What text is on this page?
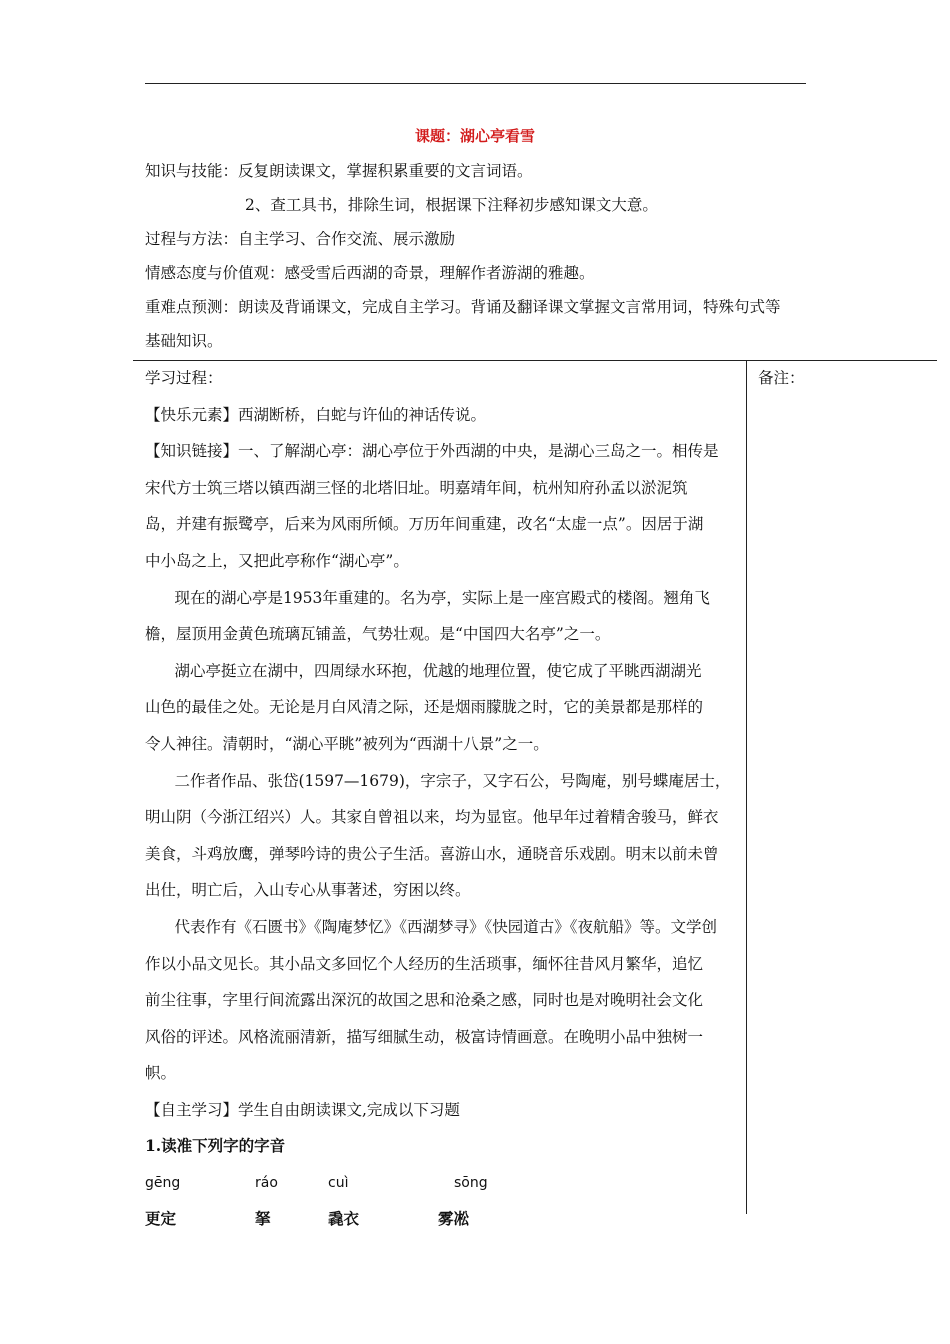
课题：湖心亭看雪

知识与技能：反复朗读课文，掌握积累重要的文言词语。

2、查工具书，排除生词，根据课下注释初步感知课文大意。

过程与方法：自主学习、合作交流、展示激励

情感态度与价值观：感受雪后西湖的奇景，理解作者游湖的雅趣。

重难点预测：朗读及背诵课文，完成自主学习。背诵及翻译课文掌握文言常用词，特殊句式等

基础知识。

备注：

学习过程：

【快乐元素】西湖断桥，白蛇与许仙的神话传说。

【知识链接】一、了解湖心亭：湖心亭位于外西湖的中央，是湖心三岛之一。相传是

宋代方士筑三塔以镇西湖三怪的北塔旧址。明嘉靖年间，杭州知府孙孟以淤泥筑

岛，并建有振鹭亭，后来为风雨所倾。万历年间重建，改名“太虚一点”。因居于湖

中小岛之上，又把此亭称作“湖心亭”。

现在的湖心亭是1953年重建的。名为亭，实际上是一座宫殿式的楼阁。翘角飞

檐，屋顶用金黄色琉璃瓦铺盖，气势壮观。是“中国四大名亭”之一。

湖心亭挺立在湖中，四周绿水环抱，优越的地理位置，使它成了平眺西湖湖光

山色的最佳之处。无论是月白风清之际，还是烟雨朦胧之时，它的美景都是那样的

令人神往。清朝时，“湖心平眺”被列为“西湖十八景”之一。

二作者作品、张岱(1597—1679)，字宗子，又字石公，号陶庵，别号蝶庵居士，

明山阴（今浙江绍兴）人。其家自曾祖以来，均为显宦。他早年过着精舍骏马，鲜衣

美食，斗鸡放鹰，弹琴吟诗的贵公子生活。喜游山水，通晓音乐戏剧。明末以前未曾

出仕，明亡后，入山专心从事著述，穷困以终。

代表作有《石匮书》《陶庵梦忆》《西湖梦寻》《快园道古》《夜航船》等。文学创

作以小品文见长。其小品文多回忆个人经历的生活琐事，缅怀往昔风月繁华，追忆

前尘往事，字里行间流露出深沉的故国之思和沧桑之感，同时也是对晚明社会文化

风俗的评述。风格流丽清新，描写细腻生动，极富诗情画意。在晚明小品中独树一

帜。

【自主学习】学生自由朗读课文,完成以下习题

1.读准下列字的字音

gēng	ráo	cuì	sōng
更定	拏	毳衣	雾凇
